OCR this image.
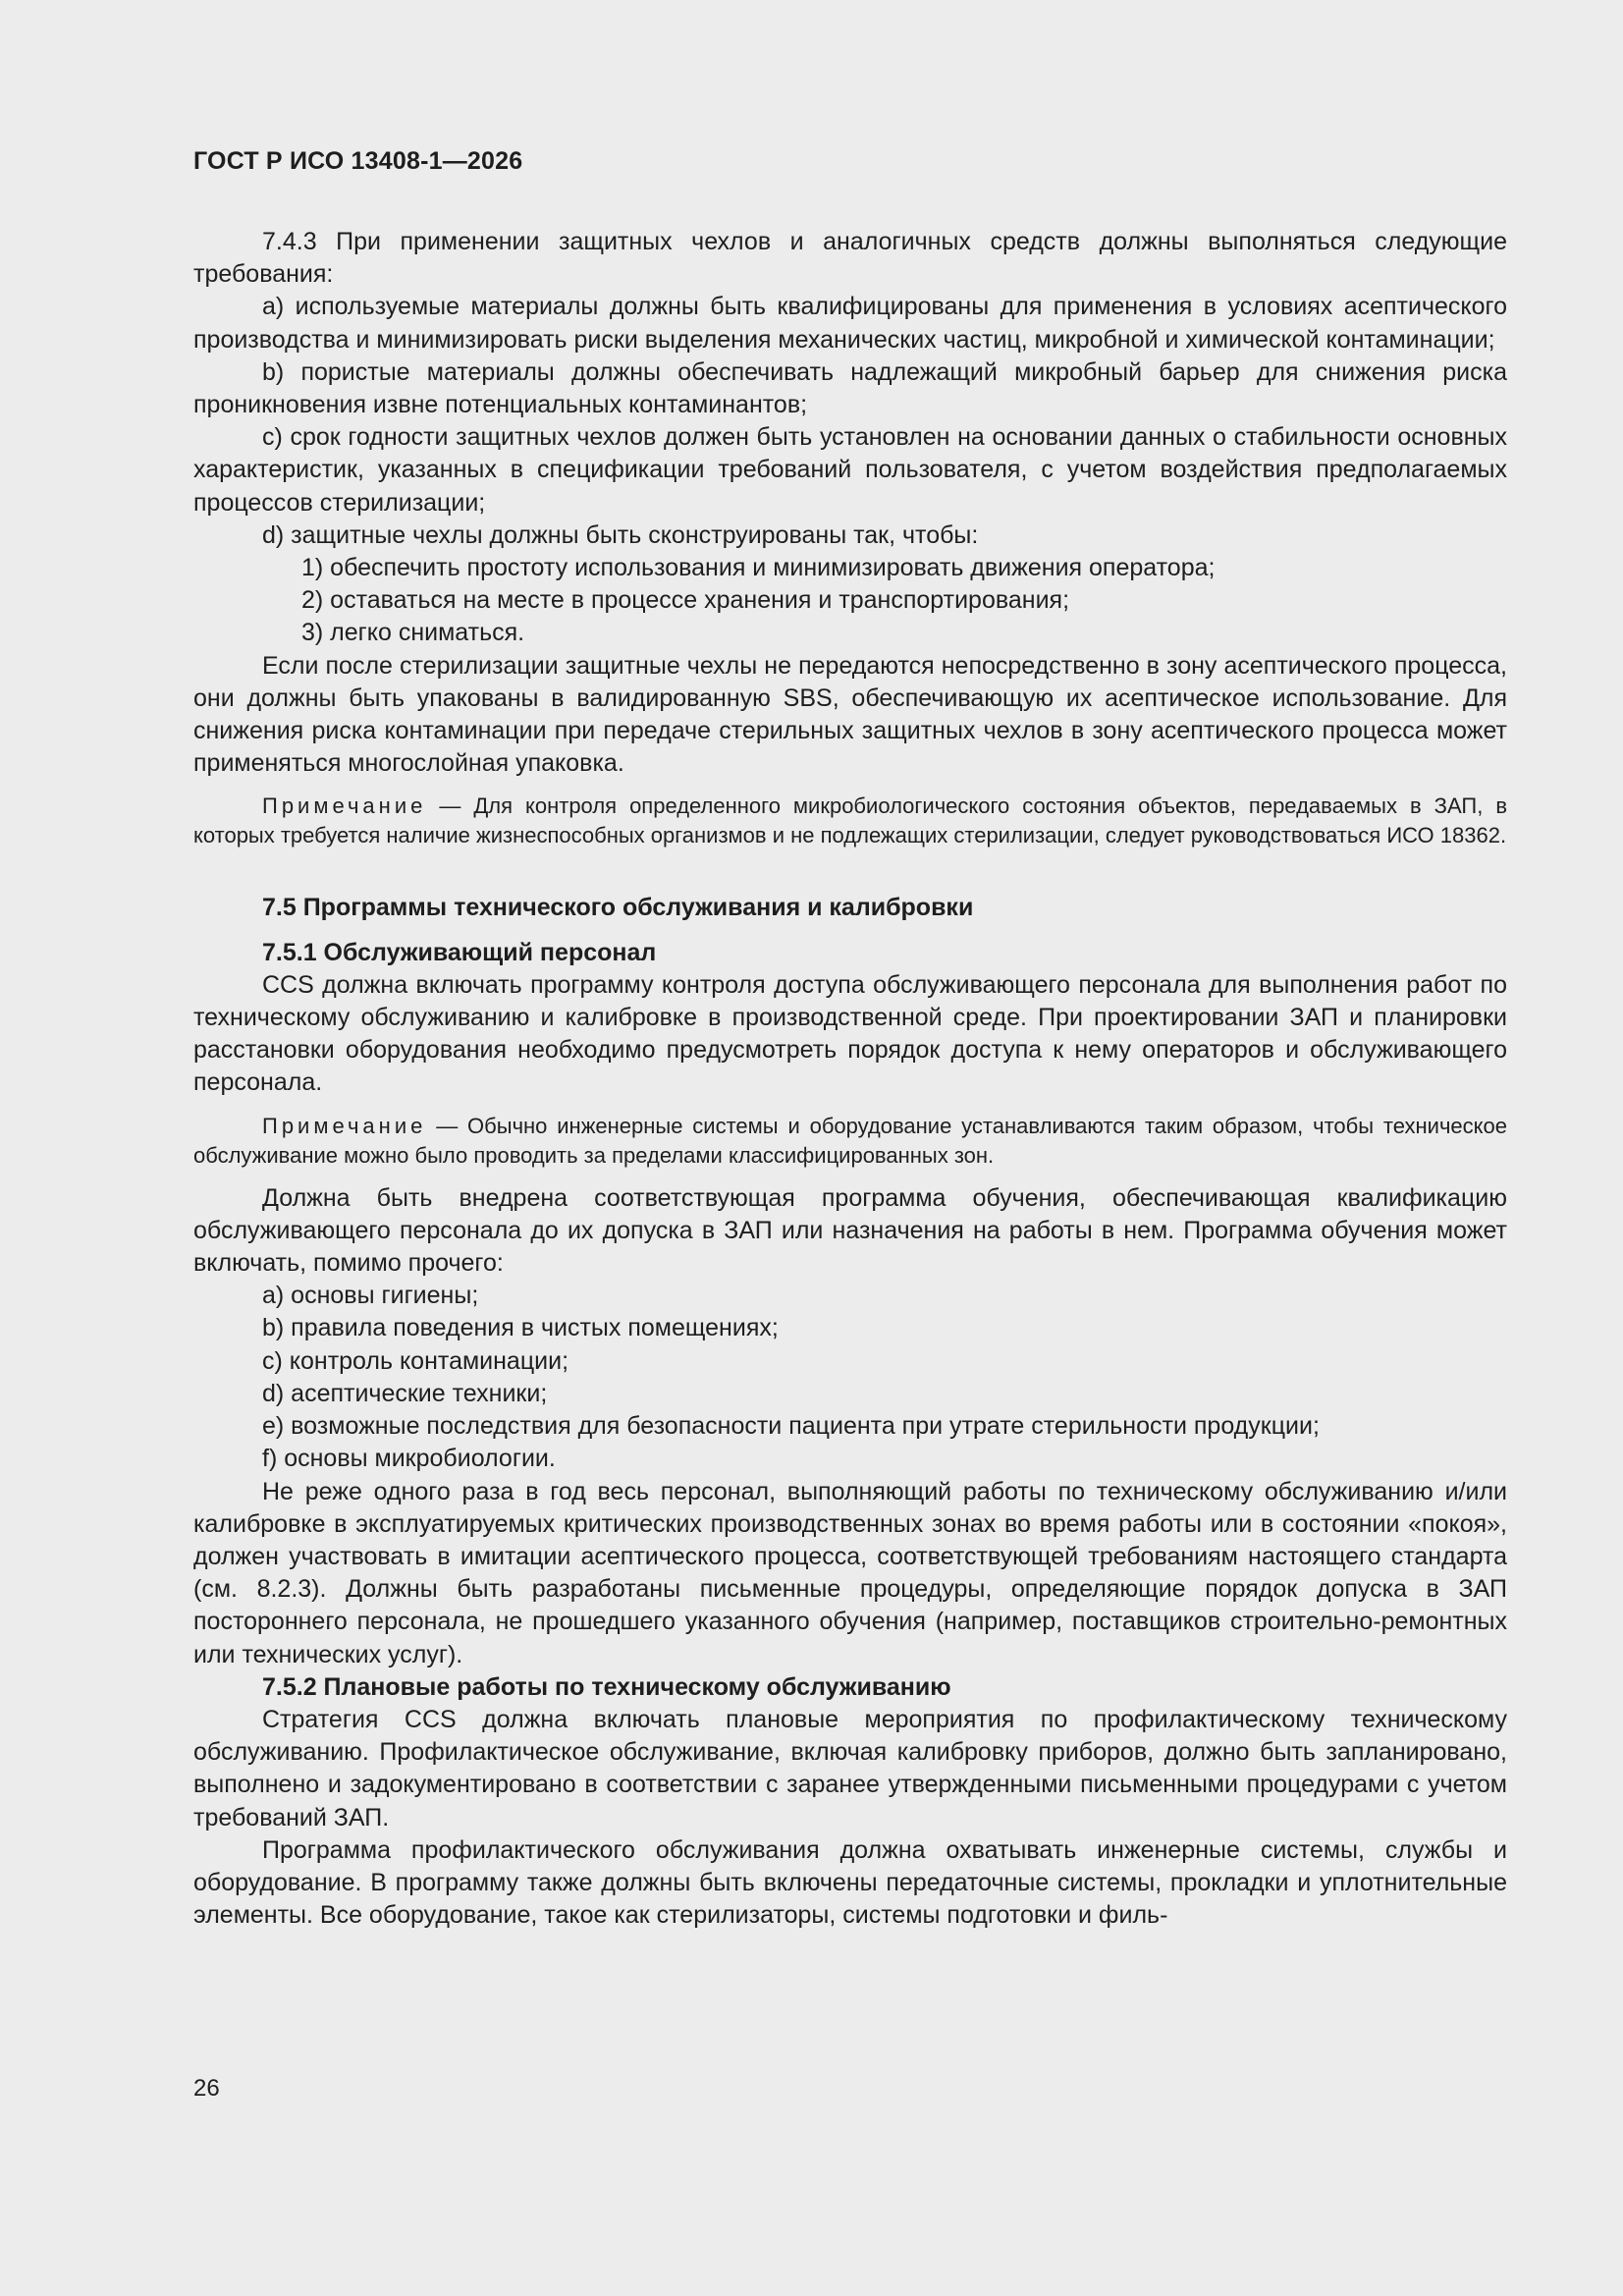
ГОСТ Р ИСО 13408-1—2026

7.4.3 При применении защитных чехлов и аналогичных средств должны выполняться следующие требования:

a) используемые материалы должны быть квалифицированы для применения в условиях асептического производства и минимизировать риски выделения механических частиц, микробной и химической контаминации;

b) пористые материалы должны обеспечивать надлежащий микробный барьер для снижения риска проникновения извне потенциальных контаминантов;

c) срок годности защитных чехлов должен быть установлен на основании данных о стабильности основных характеристик, указанных в спецификации требований пользователя, с учетом воздействия предполагаемых процессов стерилизации;

d) защитные чехлы должны быть сконструированы так, чтобы:

1) обеспечить простоту использования и минимизировать движения оператора;

2) оставаться на месте в процессе хранения и транспортирования;

3) легко сниматься.

Если после стерилизации защитные чехлы не передаются непосредственно в зону асептического процесса, они должны быть упакованы в валидированную SBS, обеспечивающую их асептическое использование. Для снижения риска контаминации при передаче стерильных защитных чехлов в зону асептического процесса может применяться многослойная упаковка.

Примечание — Для контроля определенного микробиологического состояния объектов, передаваемых в ЗАП, в которых требуется наличие жизнеспособных организмов и не подлежащих стерилизации, следует руководствоваться ИСО 18362.

7.5 Программы технического обслуживания и калибровки

7.5.1 Обслуживающий персонал

CCS должна включать программу контроля доступа обслуживающего персонала для выполнения работ по техническому обслуживанию и калибровке в производственной среде. При проектировании ЗАП и планировки расстановки оборудования необходимо предусмотреть порядок доступа к нему операторов и обслуживающего персонала.

Примечание — Обычно инженерные системы и оборудование устанавливаются таким образом, чтобы техническое обслуживание можно было проводить за пределами классифицированных зон.

Должна быть внедрена соответствующая программа обучения, обеспечивающая квалификацию обслуживающего персонала до их допуска в ЗАП или назначения на работы в нем. Программа обучения может включать, помимо прочего:

a) основы гигиены;

b) правила поведения в чистых помещениях;

c) контроль контаминации;

d) асептические техники;

e) возможные последствия для безопасности пациента при утрате стерильности продукции;

f) основы микробиологии.

Не реже одного раза в год весь персонал, выполняющий работы по техническому обслуживанию и/или калибровке в эксплуатируемых критических производственных зонах во время работы или в состоянии «покоя», должен участвовать в имитации асептического процесса, соответствующей требованиям настоящего стандарта (см. 8.2.3). Должны быть разработаны письменные процедуры, определяющие порядок допуска в ЗАП постороннего персонала, не прошедшего указанного обучения (например, поставщиков строительно-ремонтных или технических услуг).

7.5.2 Плановые работы по техническому обслуживанию

Стратегия CCS должна включать плановые мероприятия по профилактическому техническому обслуживанию. Профилактическое обслуживание, включая калибровку приборов, должно быть запланировано, выполнено и задокументировано в соответствии с заранее утвержденными письменными процедурами с учетом требований ЗАП.

Программа профилактического обслуживания должна охватывать инженерные системы, службы и оборудование. В программу также должны быть включены передаточные системы, прокладки и уплотнительные элементы. Все оборудование, такое как стерилизаторы, системы подготовки и филь-

26
